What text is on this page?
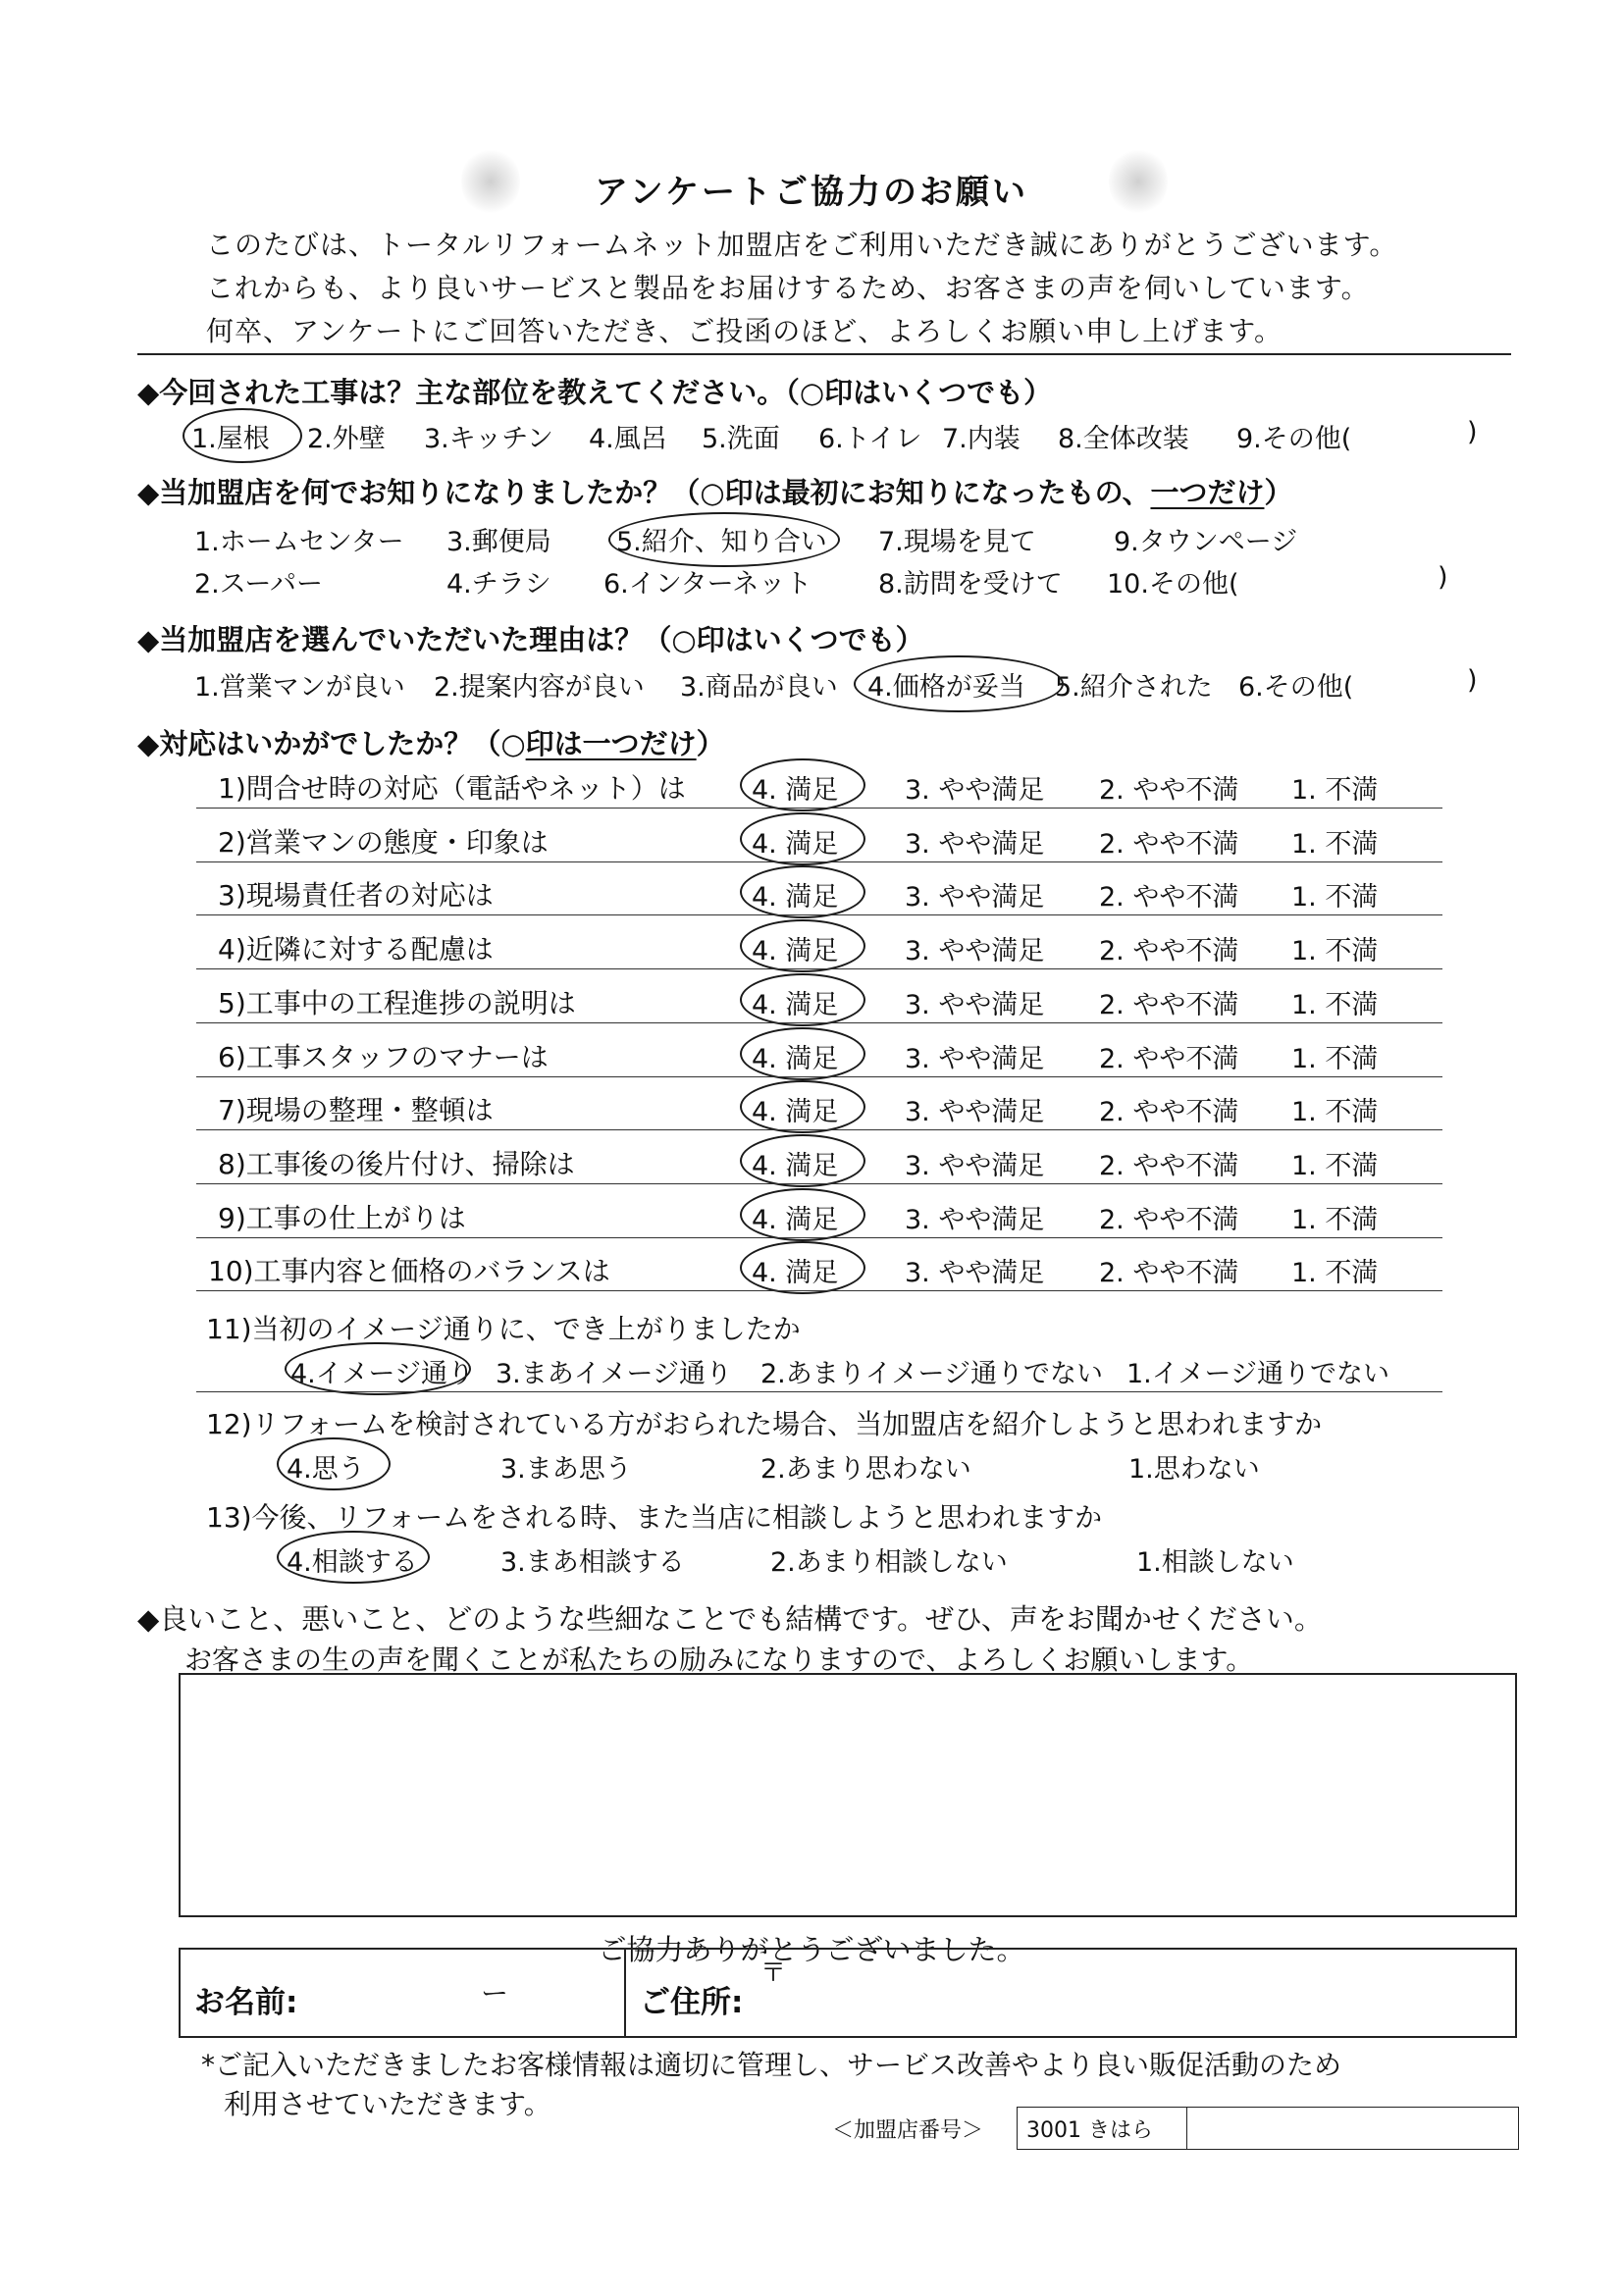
アンケートご協力のお願い
このたびは、トータルリフォームネット加盟店をご利用いただき誠にありがとうございます。
これからも、より良いサービスと製品をお届けするため、お客さまの声を伺いしています。
何卒、アンケートにご回答いただき、ご投函のほど、よろしくお願い申し上げます。
◆今回された工事は？主な部位を教えてください。（○印はいくつでも）
1.屋根 2.外壁 3.キッチン 4.風呂 5.洗面 6.トイレ 7.内装 8.全体改装 9.その他(	)
◆当加盟店を何でお知りになりましたか？（○印は最初にお知りになったもの、一つだけ）
1.ホームセンター 3.郵便局 5.紹介、知り合い 7.現場を見て	9.タウンページ
2.スーパー	4.チラシ 6.インターネット	8.訪問を受けて 10.その他(	)
◆当加盟店を選んでいただいた理由は？（○印はいくつでも）
1.営業マンが良い 2.提案内容が良い 3.商品が良い 4.価格が妥当 5.紹介された 6.その他(	)
◆対応はいかがでしたか？（○印は一つだけ）
1)問合せ時の対応（電話やネット）は 4. 満足	3. やや満足 2. やや不満 1. 不満
2)営業マンの態度・印象は	4. 満足	3. やや満足 2. やや不満 1. 不満
3)現場責任者の対応は	4. 満足	3. やや満足 2. やや不満 1. 不満
4)近隣に対する配慮は	4. 満足	3. やや満足 2. やや不満 1. 不満
5)工事中の工程進捗の説明は	4. 満足	3. やや満足 2. やや不満 1. 不満
6)工事スタッフのマナーは	4. 満足	3. やや満足 2. やや不満 1. 不満
7)現場の整理・整頓は	4. 満足	3. やや満足 2. やや不満 1. 不満
8)工事後の後片付け、掃除は	4. 満足	3. やや満足 2. やや不満 1. 不満
9)工事の仕上がりは	4. 満足	3. やや満足 2. やや不満 1. 不満
10)工事内容と価格のバランスは	4. 満足	3. やや満足 2. やや不満 1. 不満
11)当初のイメージ通りに、でき上がりましたか
4.イメージ通り 3.まあイメージ通り 2.あまりイメージ通りでない 1.イメージ通りでない
12)リフォームを検討されている方がおられた場合、当加盟店を紹介しようと思われますか
4.思う	3.まあ思う	2.あまり思わない	1.思わない
13)今後、リフォームをされる時、また当店に相談しようと思われますか
4.相談する	3.まあ相談する	2.あまり相談しない	1.相談しない
◆良いこと、悪いこと、どのような些細なことでも結構です。ぜひ、声をお聞かせください。
お客さまの生の声を聞くことが私たちの励みになりますので、よろしくお願いします。
ご協力ありがとうございました。
お名前:	ー	ご住所:
〒
*ご記入いただきましたお客様情報は適切に管理し、サービス改善やより良い販促活動のため
利用させていただきます。
＜加盟店番号＞ 3001 きはら
